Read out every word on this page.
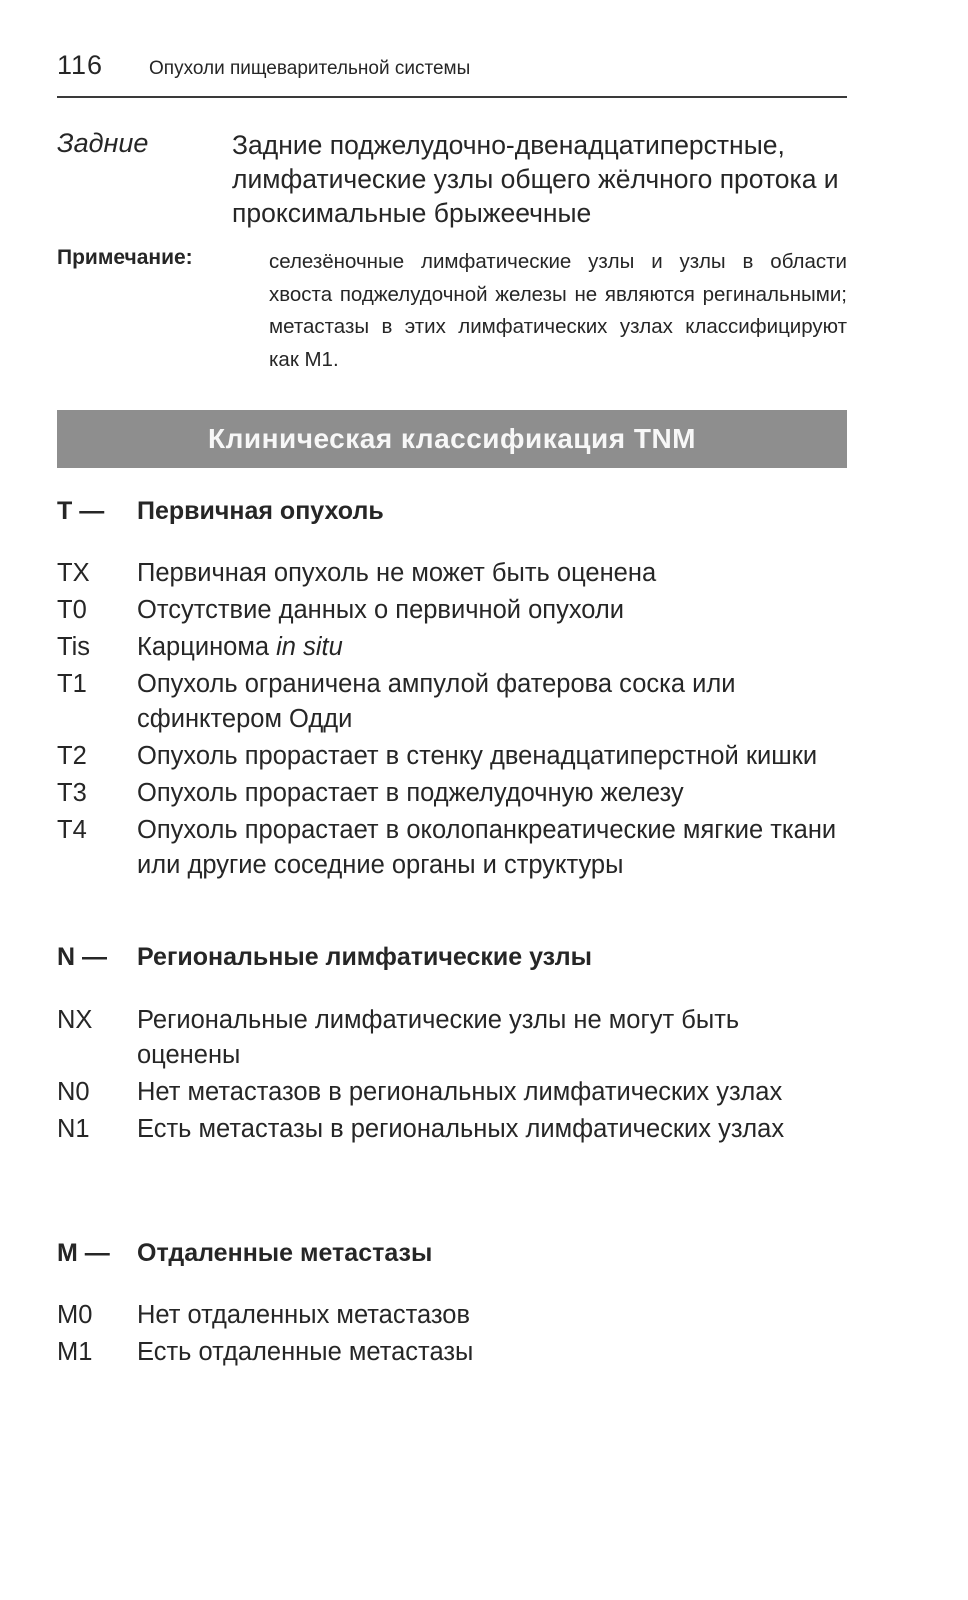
116	Опухоли пищеварительной системы
Задние	Задние поджелудочно-двенадцатиперстные, лимфатические узлы общего жёлчного протока и проксимальные брыжеечные
Примечание:	селезёночные лимфатические узлы и узлы в области хвоста поджелудочной железы не являются регинальными; метастазы в этих лимфатических узлах классифицируют как М1.
Клиническая классификация TNM
Т — Первичная опухоль
ТХ Первичная опухоль не может быть оценена
Т0 Отсутствие данных о первичной опухоли
Tis Карцинома in situ
Т1 Опухоль ограничена ампулой фатерова соска или сфинктером Одди
Т2 Опухоль прорастает в стенку двенадцатиперстной кишки
Т3 Опухоль прорастает в поджелудочную железу
Т4 Опухоль прорастает в околопанкреатические мягкие ткани или другие соседние органы и структуры
N — Региональные лимфатические узлы
NX Региональные лимфатические узлы не могут быть оценены
N0 Нет метастазов в региональных лимфатических узлах
N1 Есть метастазы в региональных лимфатических узлах
М — Отдаленные метастазы
М0 Нет отдаленных метастазов
М1 Есть отдаленные метастазы
